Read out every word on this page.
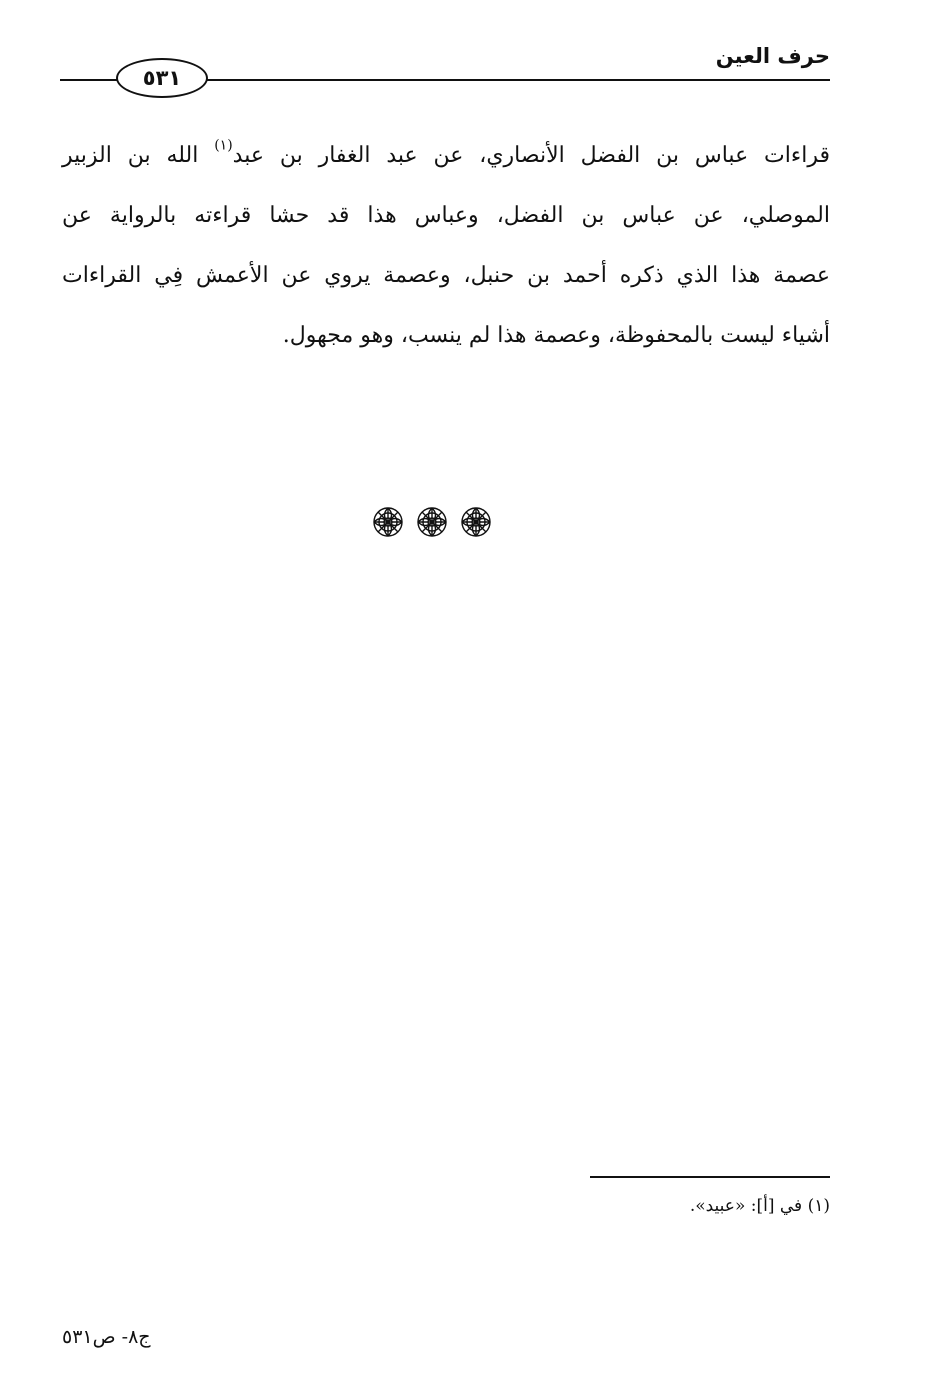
حرف العين
٥٣١
قراءات عباس بن الفضل الأنصاري، عن عبد الغفار بن عبد$^{(١)}$ الله بن الزبير
الموصلي، عن عباس بن الفضل، وعباس هذا قد حشا قراءته بالرواية عن
عصمة هذا الذي ذكره أحمد بن حنبل، وعصمة يروي عن الأعمش فِي القراءات
أشياء ليست بالمحفوظة، وعصمة هذا لم ينسب، وهو مجهول.
(١) في [أ]: «عبيد».
ج٨- ص٥٣١
